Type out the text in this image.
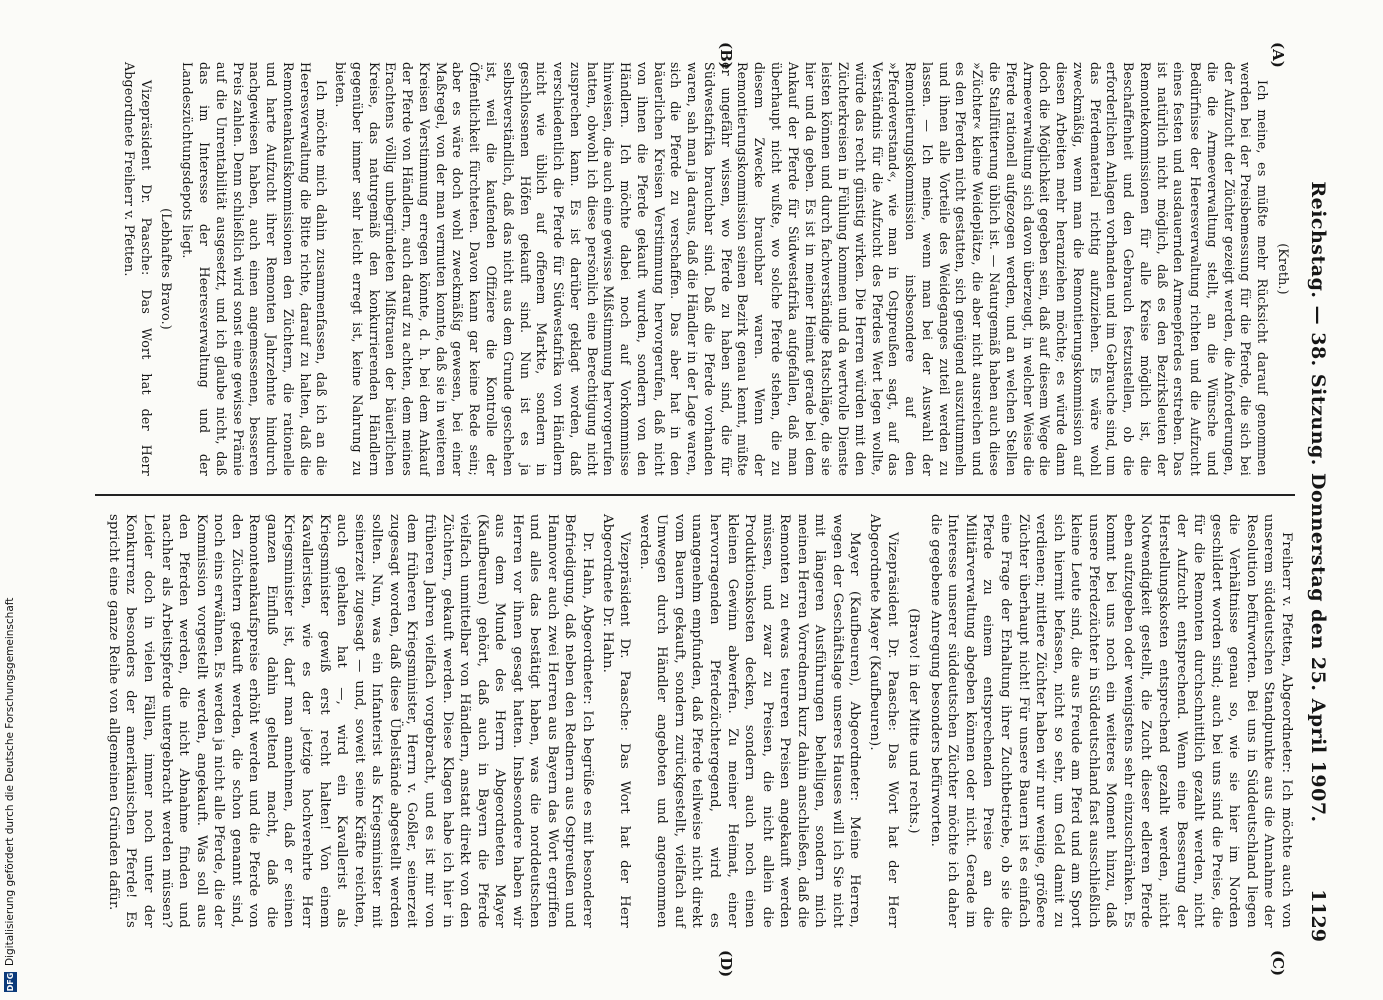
Reichstag. — 38. Sitzung. Donnerstag den 25. April 1907.
1129
(A)
(B)
(C)
(D)

(Kreth.)

Ich meine, es müßte mehr Rücksicht darauf genommen werden bei der Preisbemessung für die Pferde, die sich bei der Aufzucht der Züchter gezeigt werden, die Anforderungen, die die Armeeverwaltung stellt, an die Wünsche und Bedürfnisse der Heeresverwaltung richten und die Aufzucht eines festen und ausdauernden Armeepferdes erstreben. Das ist natürlich nicht möglich, daß es den Bezirksleuten der Remontekommissionen für alle Kreise möglich ist, die Beschaffenheit und den Gebrauch festzustellen, ob die erforderlichen Anlagen vorhanden und im Gebrauche sind, um das Pferdematerial richtig aufzuziehen. Es wäre wohl zweckmäßig, wenn man die Remontierungskommission auf diesen Arbeiten mehr heranziehen möchte; es würde dann doch die Möglichkeit gegeben sein, daß auf diesem Wege die Armeeverwaltung sich davon überzeugt, in welcher Weise die Pferde rationell aufgezogen werden, und an welchen Stellen die Stallfütterung üblich ist. — Naturgemäß haben auch diese »Züchter« kleine Weideplätze, die aber nicht ausreichen und es den Pferden nicht gestatten, sich genügend auszutummeln und ihnen alle Vorteile des Weideganges zuteil werden zu lassen. — Ich meine, wenn man bei der Auswahl der Remontierungskommission insbesondere auf den »Pferdeverstand«, wie man in Ostpreußen sagt, auf das Verständnis für die Aufzucht des Pferdes Wert legen wollte, würde das recht günstig wirken. Die Herren würden mit den Züchterkreisen in Fühlung kommen und da wertvolle Dienste leisten können und durch fachverständige Ratschläge, die sie hier und da geben. Es ist in meiner Heimat gerade bei dem Ankauf der Pferde für Südwestafrika aufgefallen, daß man überhaupt nicht wußte, wo solche Pferde stehen, die zu diesem Zwecke brauchbar waren. Wenn der Remontierungskommission seinen Bezirk genau kennt, müßte er ungefähr wissen, wo Pferde zu haben sind, die für Südwestafrika brauchbar sind. Daß die Pferde vorhanden waren, sah man ja daraus, daß die Händler in der Lage waren, sich die Pferde zu verschaffen. Das aber hat in den bäuerlichen Kreisen Verstimmung hervorgerufen, daß nicht von ihnen die Pferde gekauft wurden, sondern von den Händlern. Ich möchte dabei noch auf Vorkommnisse hinweisen, die auch eine gewisse Mißstimmung hervorgerufen hatten, obwohl ich diese persönlich eine Berechtigung nicht zusprechen kann. Es ist darüber geklagt worden, daß verschiedentlich die Pferde für Südwestafrika von Händlern nicht wie üblich auf offenem Markte, sondern in geschlossenen Höfen gekauft sind. Nun ist es ja selbstverständlich, daß das nicht aus dem Grunde geschehen ist, weil die kaufenden Offiziere die Kontrolle der Öffentlichkeit fürchteten. Davon kann gar keine Rede sein; aber es wäre doch wohl zweckmäßig gewesen, bei einer Maßregel, von der man vermuten konnte, daß sie in weiteren Kreisen Verstimmung erregen könnte, d. h. bei dem Ankauf der Pferde von Händlern, auch darauf zu achten, dem meines Erachtens völlig unbegründeten Mißtrauen der bäuerlichen Kreise, das naturgemäß den konkurrierenden Händlern gegenüber immer sehr leicht erregt ist, keine Nahrung zu bieten.

Ich möchte mich dahin zusammenfassen, daß ich an die Heeresverwaltung die Bitte richte, darauf zu halten, daß die Remonteankaufskommissionen den Züchtern, die rationelle und harte Aufzucht ihrer Remonten Jahrzehnte hindurch nachgewiesen haben, auch einen angemessenen, besseren Preis zahlen. Denn schließlich wird sonst eine gewisse Prämie auf die Unrentabilität ausgesetzt, und ich glaube nicht, daß das im Interesse der Heeresverwaltung und der Landeszüchtungsdepots liegt.

(Lebhaftes Bravo.)

Vizepräsident Dr. Paasche: Das Wort hat der Herr Abgeordnete Freiherr v. Pfetten.

Freiherr v. Pfetten, Abgeordneter: Ich möchte auch von unserem süddeutschen Standpunkte aus die Annahme der Resolution befürworten. Bei uns in Süddeutschland liegen die Verhältnisse genau so, wie sie hier im Norden geschildert worden sind; auch bei uns sind die Preise, die für die Remonten durchschnittlich gezahlt werden, nicht der Aufzucht entsprechend. Wenn eine Besserung der Herstellungskosten entsprechend gezahlt werden, nicht Notwendigkeit gestellt, die Zucht dieser edleren Pferde eben aufzugeben oder wenigstens sehr einzuschränken. Es kommt bei uns noch ein weiteres Moment hinzu, daß unsere Pferdezüchter in Süddeutschland fast ausschließlich kleine Leute sind, die aus Freude am Pferd und am Sport sich hiermit befassen, nicht so sehr, um Geld damit zu verdienen; mittlere Züchter haben wir nur wenige, größere Züchter überhaupt nicht! Für unsere Bauern ist es einfach eine Frage der Erhaltung ihrer Zuchtbetriebe, ob sie die Pferde zu einem entsprechenden Preise an die Militärverwaltung abgeben können oder nicht. Gerade im Interesse unserer süddeutschen Züchter möchte ich daher die gegebene Anregung besonders befürworten.

(Bravo! in der Mitte und rechts.)

Vizepräsident Dr. Paasche: Das Wort hat der Herr Abgeordnete Mayer (Kaufbeuren).

Mayer (Kaufbeuren), Abgeordneter: Meine Herren, wegen der Geschäftslage unseres Hauses will ich Sie nicht mit längeren Ausführungen behelligen, sondern mich meinen Herren Vorrednern kurz dahin anschließen, daß die Remonten zu etwas teureren Preisen angekauft werden müssen, und zwar zu Preisen, die nicht allein die Produktionskosten decken, sondern auch noch einen kleinen Gewinn abwerfen. Zu meiner Heimat, einer hervorragenden Pferdezüchtergegend, wird es unangenehm empfunden, daß Pferde teilweise nicht direkt vom Bauern gekauft, sondern zurückgestellt, vielfach auf Umwegen durch Händler angeboten und angenommen werden.

Vizepräsident Dr. Paasche: Das Wort hat der Herr Abgeordnete Dr. Hahn.

Dr. Hahn, Abgeordneter: Ich begrüße es mit besonderer Befriedigung, daß neben den Rednern aus Ostpreußen und Hannover auch zwei Herren aus Bayern das Wort ergriffen und alles das bestätigt haben, was die norddeutschen Herren vor ihnen gesagt hatten. Insbesondere haben wir aus dem Munde des Herrn Abgeordneten Mayer (Kaufbeuren) gehört, daß auch in Bayern die Pferde vielfach unmittelbar von Händlern, anstatt direkt von den Züchtern, gekauft werden. Diese Klagen habe ich hier in früheren Jahren vielfach vorgebracht, und es ist mir von dem früheren Kriegsminister, Herrn v. Goßler, seinerzeit zugesagt worden, daß diese Übelstände abgestellt werden sollten. Nun, was ein Infanterist als Kriegsminister mit seinerzeit zugesagt — und, soweit seine Kräfte reichten, auch gehalten hat —, wird ein Kavallerist als Kriegsminister gewiß erst recht halten! Von einem Kavalleristen, wie es der jetzige hochverehrte Herr Kriegsminister ist, darf man annehmen, daß er seinen ganzen Einfluß dahin geltend macht, daß die Remonteankaufspreise erhöht werden und die Pferde von den Züchtern gekauft werden, die schon genannt sind, noch eins erwähnen. Es werden ja nicht alle Pferde, die der Kommission vorgestellt werden, angekauft. Was soll aus den Pferden werden, die nicht Abnahme finden und nachher als Arbeitspferde untergebracht werden müssen? Leider doch in vielen Fällen, immer noch unter der Konkurrenz besonders der amerikanischen Pferde! Es spricht eine ganze Reihe von allgemeinen Gründen dafür.

DFG
Digitalisierung gefördert durch die Deutsche Forschungsgemeinschaft
